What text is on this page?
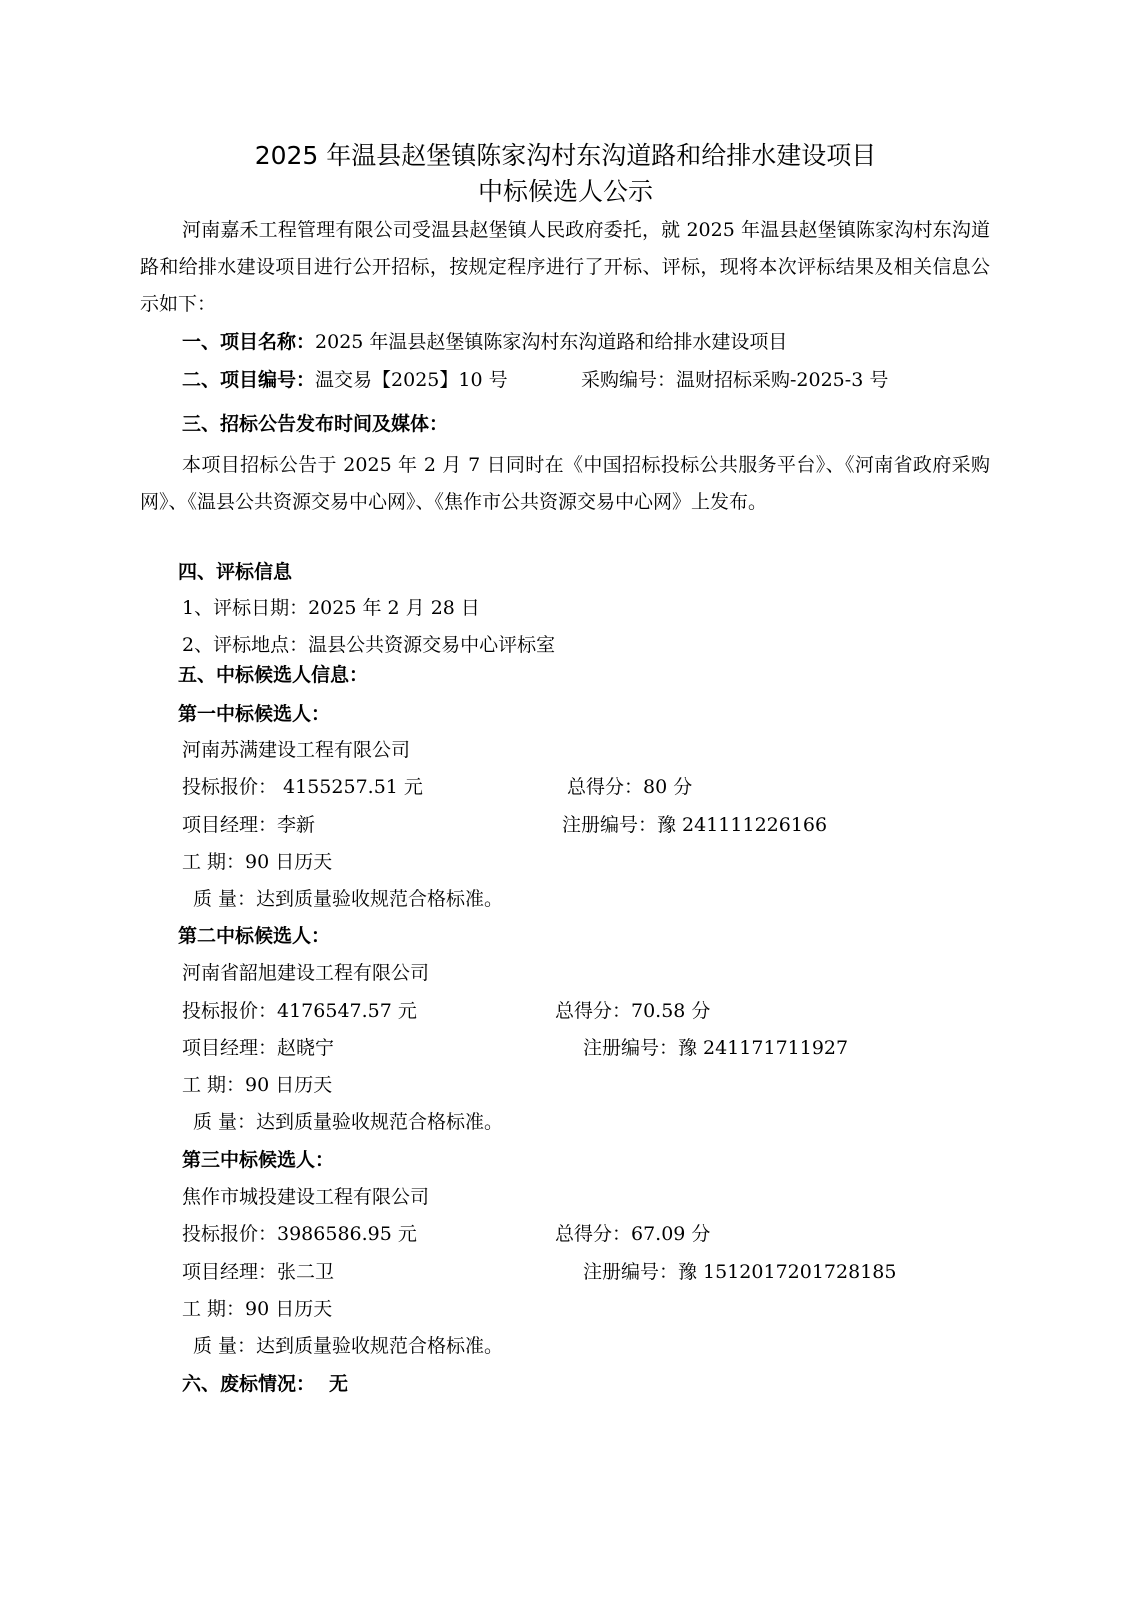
2025 年温县赵堡镇陈家沟村东沟道路和给排水建设项目
中标候选人公示
河南嘉禾工程管理有限公司受温县赵堡镇人民政府委托，就 2025 年温县赵堡镇陈家沟村东沟道路和给排水建设项目进行公开招标，按规定程序进行了开标、评标，现将本次评标结果及相关信息公示如下：
一、项目名称：2025 年温县赵堡镇陈家沟村东沟道路和给排水建设项目
二、项目编号：温交易【2025】10 号	采购编号：温财招标采购-2025-3 号
三、招标公告发布时间及媒体：
本项目招标公告于 2025 年 2 月 7 日同时在《中国招标投标公共服务平台》、《河南省政府采购网》、《温县公共资源交易中心网》、《焦作市公共资源交易中心网》上发布。
四、评标信息
1、评标日期：2025 年 2 月 28 日
2、评标地点：温县公共资源交易中心评标室
五、中标候选人信息：
第一中标候选人：
河南苏满建设工程有限公司
投标报价： 4155257.51 元	总得分：80 分
项目经理：李新	注册编号：豫 241111226166
工 期：90 日历天
质 量：达到质量验收规范合格标准。
第二中标候选人：
河南省韶旭建设工程有限公司
投标报价：4176547.57 元	总得分：70.58 分
项目经理：赵晓宁	注册编号：豫 241171711927
工 期：90 日历天
质 量：达到质量验收规范合格标准。
第三中标候选人：
焦作市城投建设工程有限公司
投标报价：3986586.95 元	总得分：67.09 分
项目经理：张二卫	注册编号：豫 1512017201728185
工 期：90 日历天
质 量：达到质量验收规范合格标准。
六、废标情况： 无
